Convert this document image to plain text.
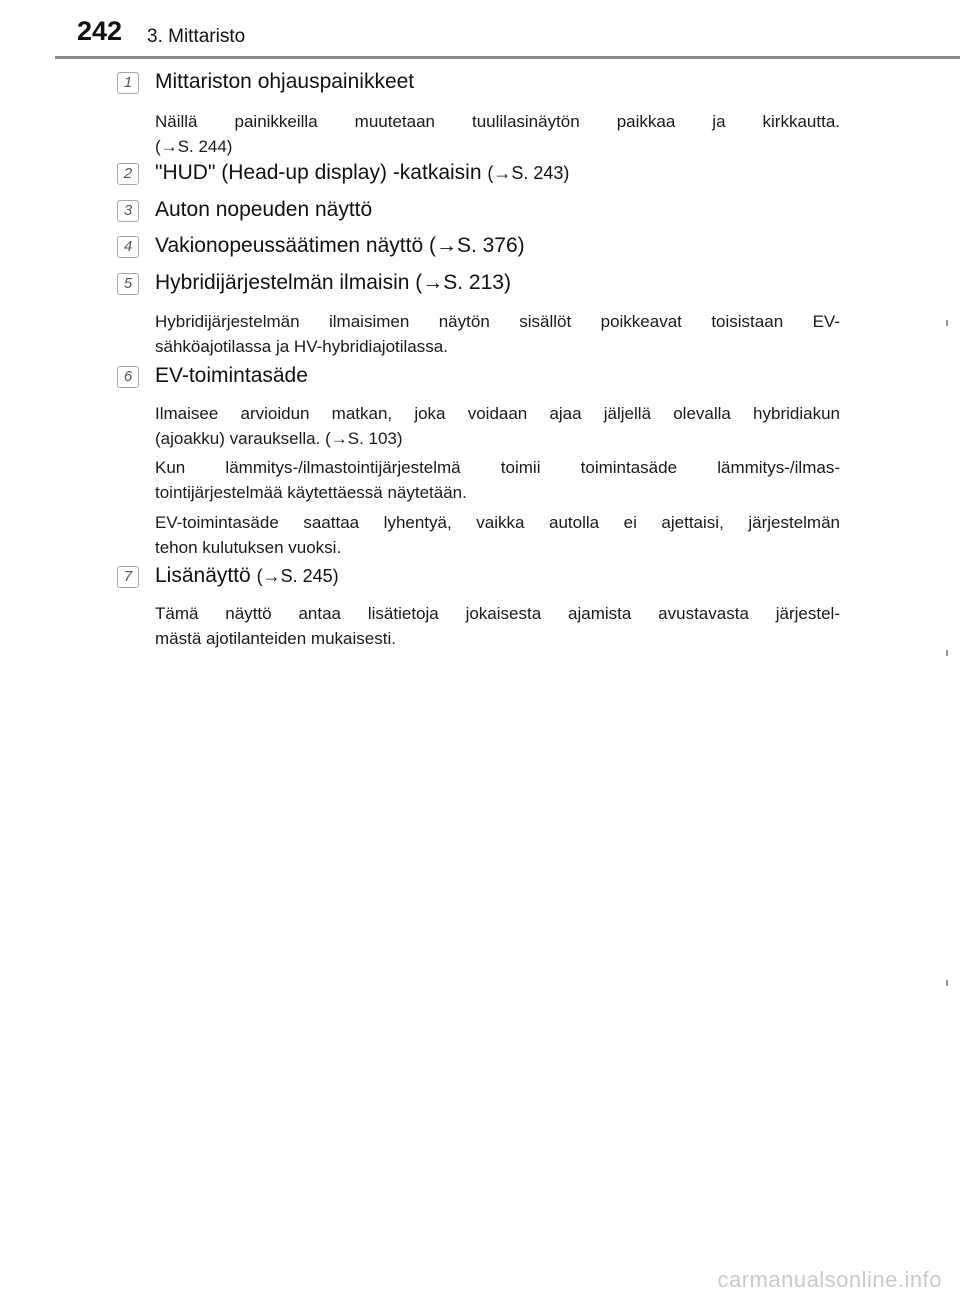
242 3. Mittaristo
1	Mittariston ohjauspainikkeet
Näillä painikkeilla muutetaan tuulilasinäytön paikkaa ja kirkkautta.
(→S. 244)
2	"HUD" (Head-up display) -katkaisin (→S. 243)
3	Auton nopeuden näyttö
4	Vakionopeussäätimen näyttö (→S. 376)
5	Hybridijärjestelmän ilmaisin (→S. 213)
Hybridijärjestelmän ilmaisimen näytön sisällöt poikkeavat toisistaan EV-
sähköajotilassa ja HV-hybridiajotilassa.
6	EV-toimintasäde
Ilmaisee arvioidun matkan, joka voidaan ajaa jäljellä olevalla hybridiakun
(ajoakku) varauksella. (→S. 103)
Kun lämmitys-/ilmastointijärjestelmä toimii toimintasäde lämmitys-/ilmas-
tointijärjestelmää käytettäessä näytetään.
EV-toimintasäde saattaa lyhentyä, vaikka autolla ei ajettaisi, järjestelmän
tehon kulutuksen vuoksi.
7	Lisänäyttö (→S. 245)
Tämä näyttö antaa lisätietoja jokaisesta ajamista avustavasta järjestel-
mästä ajotilanteiden mukaisesti.
carmanualsonline.info
